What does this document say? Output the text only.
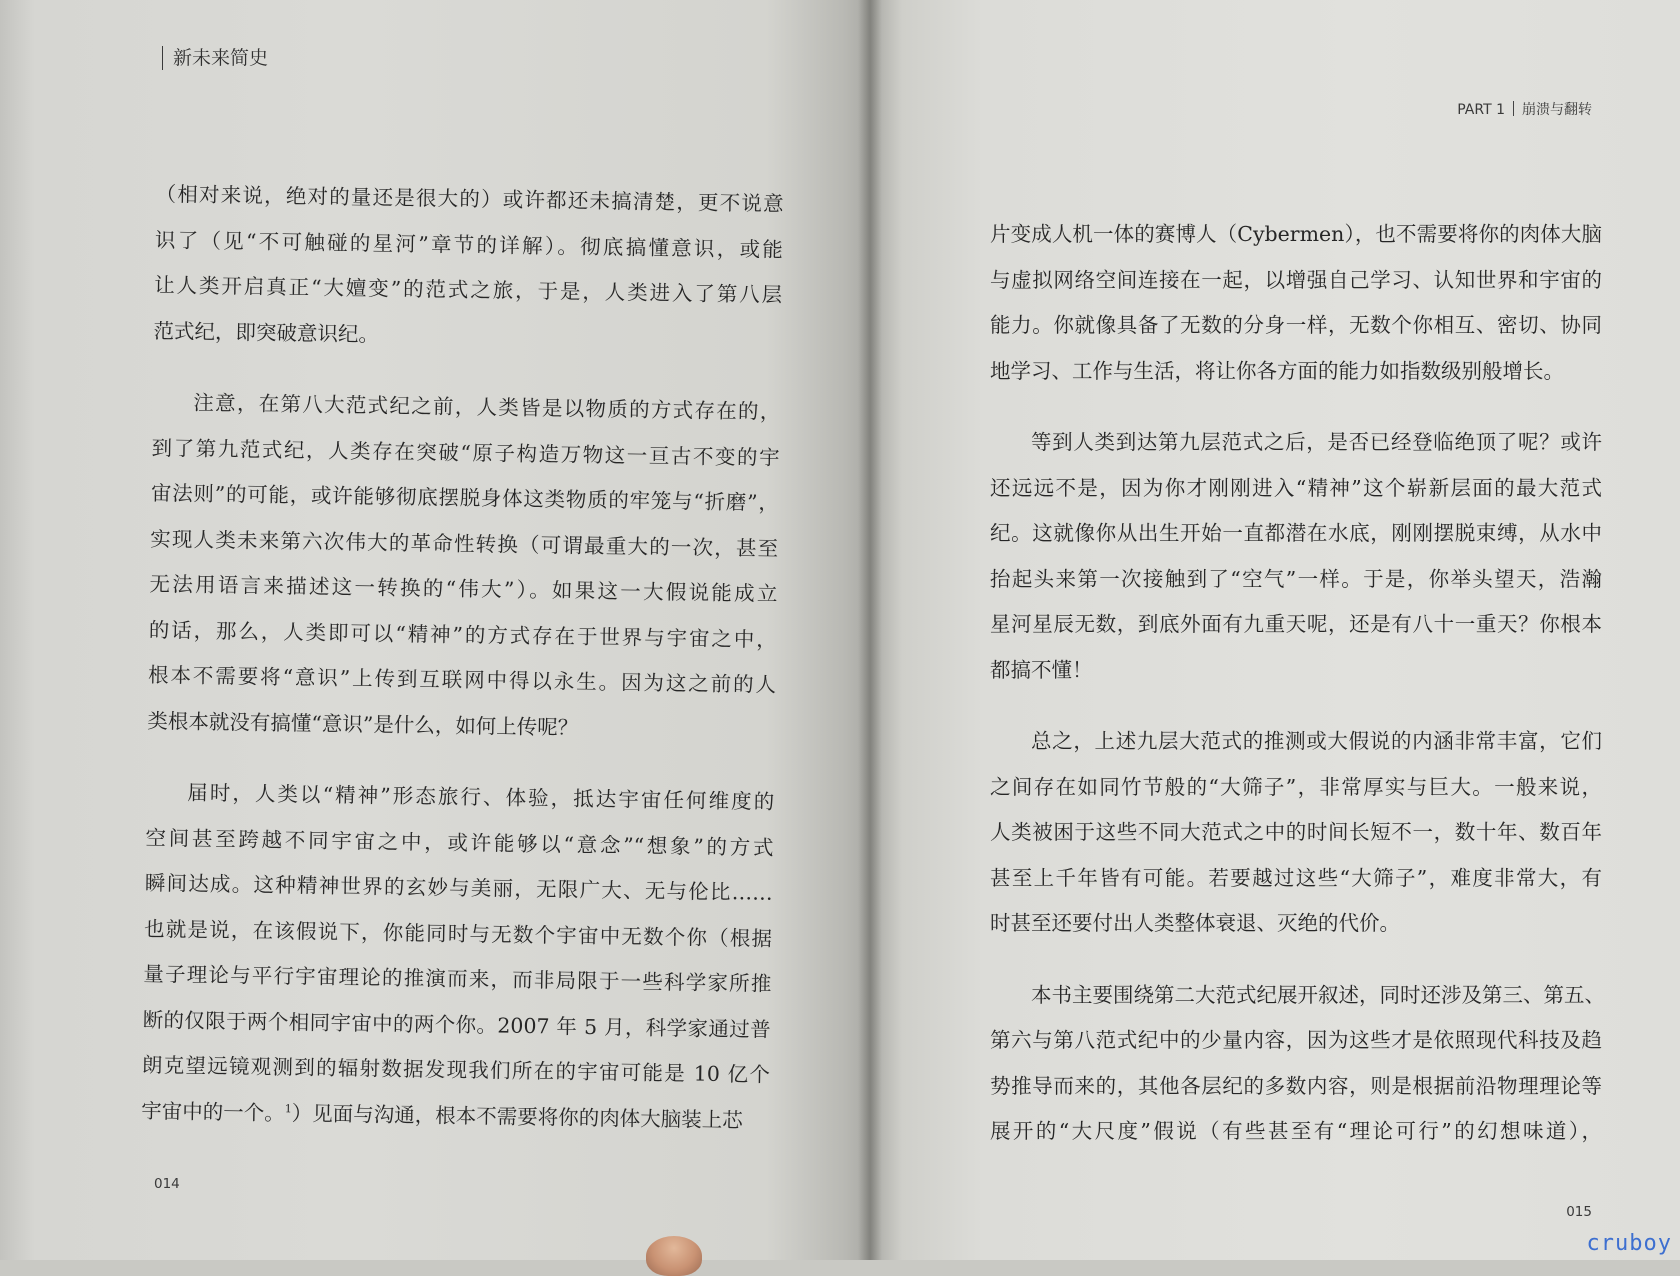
新未来简史
（相对来说，绝对的量还是很大的）或许都还未搞清楚，更不说意
识了（见“不可触碰的星河”章节的详解）。彻底搞懂意识，或能
让人类开启真正“大嬗变”的范式之旅，于是，人类进入了第八层
范式纪，即突破意识纪。
注意，在第八大范式纪之前，人类皆是以物质的方式存在的，
到了第九范式纪，人类存在突破“原子构造万物这一亘古不变的宇
宙法则”的可能，或许能够彻底摆脱身体这类物质的牢笼与“折磨”，
实现人类未来第六次伟大的革命性转换（可谓最重大的一次，甚至
无法用语言来描述这一转换的“伟大”）。如果这一大假说能成立
的话，那么，人类即可以“精神”的方式存在于世界与宇宙之中，
根本不需要将“意识”上传到互联网中得以永生。因为这之前的人
类根本就没有搞懂“意识”是什么，如何上传呢？
届时，人类以“精神”形态旅行、体验，抵达宇宙任何维度的
空间甚至跨越不同宇宙之中，或许能够以“意念”“想象”的方式
瞬间达成。这种精神世界的玄妙与美丽，无限广大、无与伦比……
也就是说，在该假说下，你能同时与无数个宇宙中无数个你（根据
量子理论与平行宇宙理论的推演而来，而非局限于一些科学家所推
断的仅限于两个相同宇宙中的两个你。2007 年 5 月，科学家通过普
朗克望远镜观测到的辐射数据发现我们所在的宇宙可能是 10 亿个
宇宙中的一个。$^1$）见面与沟通，根本不需要将你的肉体大脑装上芯
014
PART 1 崩溃与翻转
片变成人机一体的赛博人（Cybermen），也不需要将你的肉体大脑
与虚拟网络空间连接在一起，以增强自己学习、认知世界和宇宙的
能力。你就像具备了无数的分身一样，无数个你相互、密切、协同
地学习、工作与生活，将让你各方面的能力如指数级别般增长。
等到人类到达第九层范式之后，是否已经登临绝顶了呢？或许
还远远不是，因为你才刚刚进入“精神”这个崭新层面的最大范式
纪。这就像你从出生开始一直都潜在水底，刚刚摆脱束缚，从水中
抬起头来第一次接触到了“空气”一样。于是，你举头望天，浩瀚
星河星辰无数，到底外面有九重天呢，还是有八十一重天？你根本
都搞不懂！
总之，上述九层大范式的推测或大假说的内涵非常丰富，它们
之间存在如同竹节般的“大筛子”，非常厚实与巨大。一般来说，
人类被困于这些不同大范式之中的时间长短不一，数十年、数百年
甚至上千年皆有可能。若要越过这些“大筛子”，难度非常大，有
时甚至还要付出人类整体衰退、灭绝的代价。
本书主要围绕第二大范式纪展开叙述，同时还涉及第三、第五、
第六与第八范式纪中的少量内容，因为这些才是依照现代科技及趋
势推导而来的，其他各层纪的多数内容，则是根据前沿物理理论等
展开的“大尺度”假说（有些甚至有“理论可行”的幻想味道），
015
cruboy
